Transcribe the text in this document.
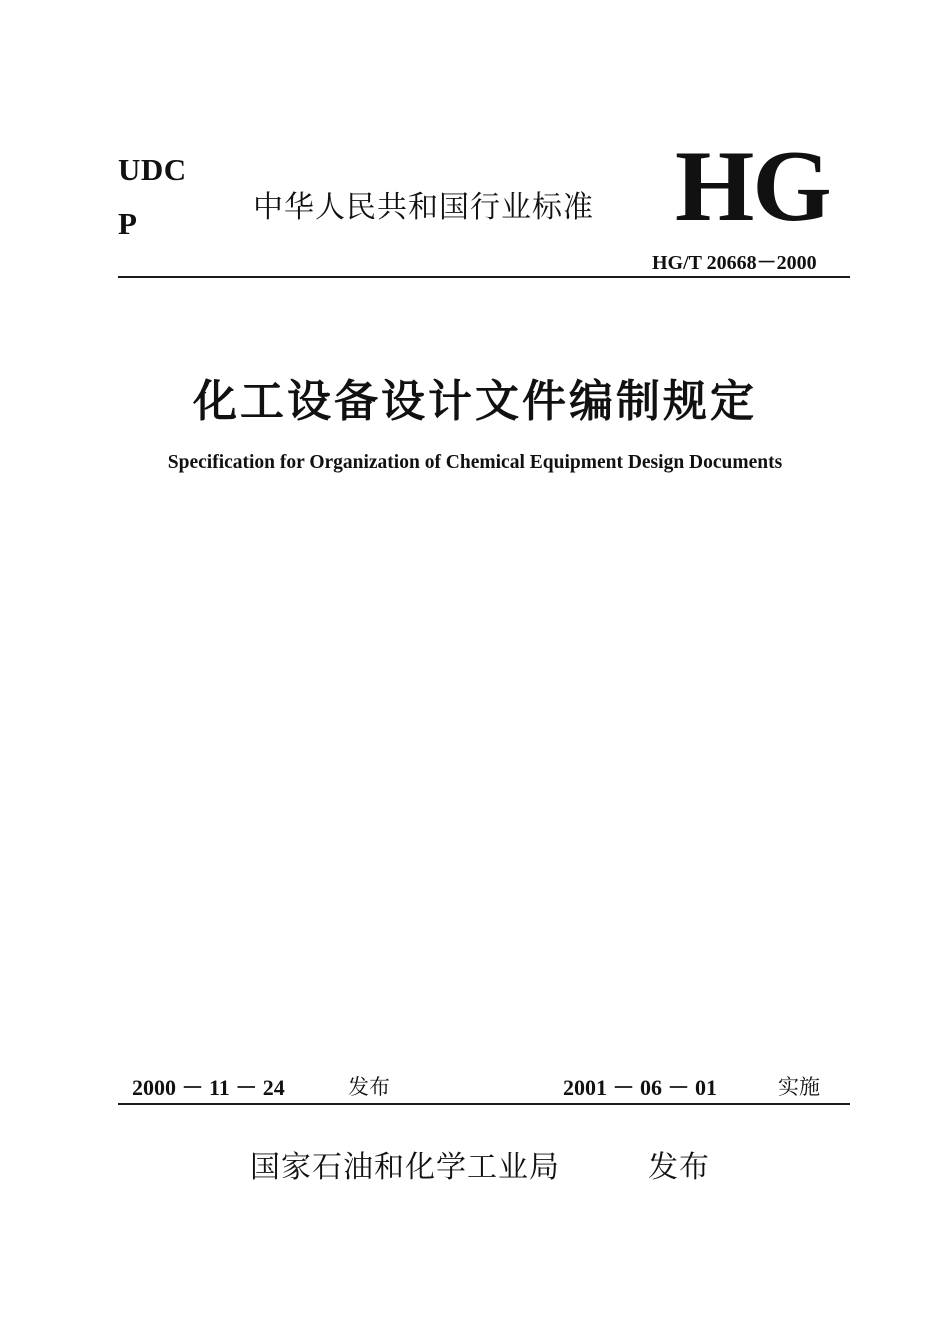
UDC
P	中华人民共和国行业标准 HG
HG/T 20668－2000
化工设备设计文件编制规定
Specification for Organization of Chemical Equipment Design Documents
2000 － 11 － 24	发布	2001 － 06 － 01	实施
国家石油和化学工业局	发布
